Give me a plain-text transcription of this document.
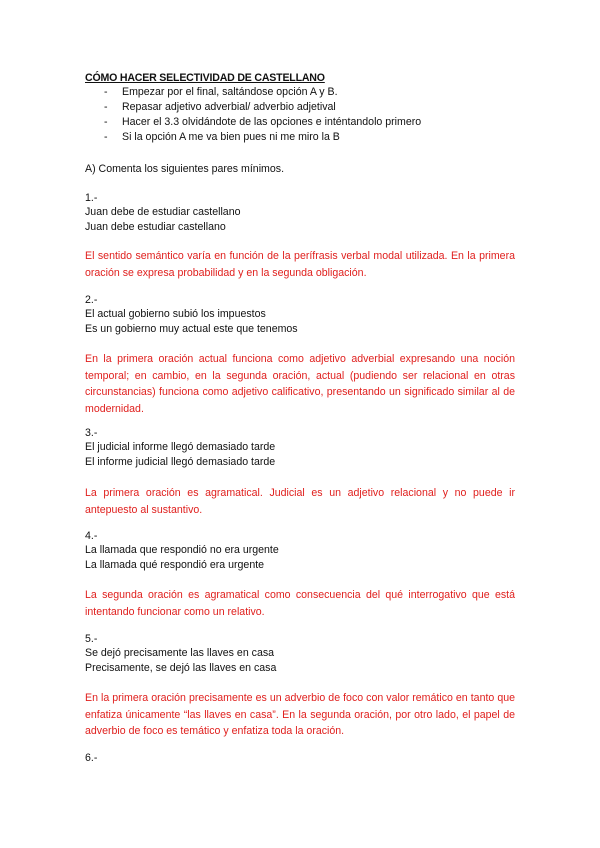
CÓMO HACER SELECTIVIDAD DE CASTELLANO
- Empezar por el final, saltándose opción A y B.
- Repasar adjetivo adverbial/ adverbio adjetival
- Hacer el 3.3 olvidándote de las opciones e inténtandolo primero
- Si la opción A me va bien pues ni me miro la B
A) Comenta los siguientes pares mínimos.
1.-
Juan debe de estudiar castellano
Juan debe estudiar castellano
El sentido semántico varía en función de la perífrasis verbal modal utilizada. En la primera oración se expresa probabilidad y en la segunda obligación.
2.-
El actual gobierno subió los impuestos
Es un gobierno muy actual este que tenemos
En la primera oración actual funciona como adjetivo adverbial expresando una noción temporal; en cambio, en la segunda oración, actual (pudiendo ser relacional en otras circunstancias) funciona como adjetivo calificativo, presentando un significado similar al de modernidad.
3.-
El judicial informe llegó demasiado tarde
El informe judicial llegó demasiado tarde
La primera oración es agramatical. Judicial es un adjetivo relacional y no puede ir antepuesto al sustantivo.
4.-
La llamada que respondió no era urgente
La llamada qué respondió era urgente
La segunda oración es agramatical como consecuencia del qué interrogativo que está intentando funcionar como un relativo.
5.-
Se dejó precisamente las llaves en casa
Precisamente, se dejó las llaves en casa
En la primera oración precisamente es un adverbio de foco con valor remático en tanto que enfatiza únicamente “las llaves en casa”. En la segunda oración, por otro lado, el papel de adverbio de foco es temático y enfatiza toda la oración.
6.-
